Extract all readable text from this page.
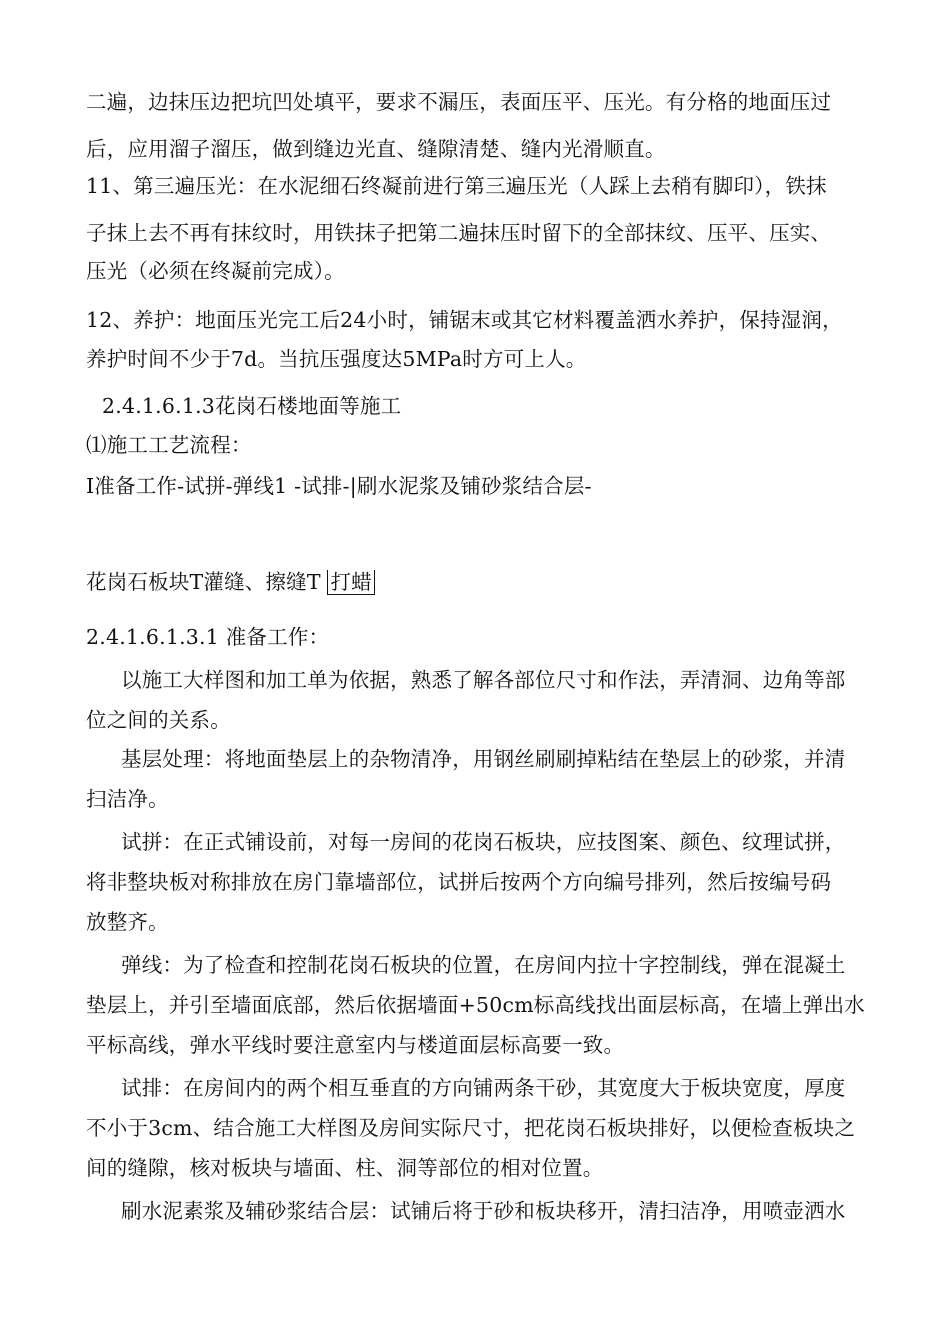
二遍，边抹压边把坑凹处填平，要求不漏压，表面压平、压光。有分格的地面压过
后，应用溜子溜压，做到缝边光直、缝隙清楚、缝内光滑顺直。
11、第三遍压光：在水泥细石终凝前进行第三遍压光（人踩上去稍有脚印），铁抹
子抹上去不再有抹纹时，用铁抹子把第二遍抹压时留下的全部抹纹、压平、压实、
压光（必须在终凝前完成）。
12、养护：地面压光完工后24小时，铺锯末或其它材料覆盖洒水养护，保持湿润，
养护时间不少于7d。当抗压强度达5MPa时方可上人。
2.4.1.6.1.3花岗石楼地面等施工
⑴施工工艺流程：
I准备工作-试拼-弹线1 -试排-|刷水泥浆及铺砂浆结合层-
花岗石板块T灌缝、擦缝T 打蜡
2.4.1.6.1.3.1 准备工作：
以施工大样图和加工单为依据，熟悉了解各部位尺寸和作法，弄清洞、边角等部
位之间的关系。
基层处理：将地面垫层上的杂物清净，用钢丝刷刷掉粘结在垫层上的砂浆，并清
扫洁净。
试拼：在正式铺设前，对每一房间的花岗石板块，应技图案、颜色、纹理试拼，
将非整块板对称排放在房门靠墙部位，试拼后按两个方向编号排列，然后按编号码
放整齐。
弹线：为了检查和控制花岗石板块的位置，在房间内拉十字控制线，弹在混凝土
垫层上，并引至墙面底部，然后依据墙面+50cm标高线找出面层标高，在墙上弹出水
平标高线，弹水平线时要注意室内与楼道面层标高要一致。
试排：在房间内的两个相互垂直的方向铺两条干砂，其宽度大于板块宽度，厚度
不小于3cm、结合施工大样图及房间实际尺寸，把花岗石板块排好，以便检查板块之
间的缝隙，核对板块与墙面、柱、洞等部位的相对位置。
刷水泥素浆及辅砂浆结合层：试铺后将于砂和板块移开，清扫洁净，用喷壶洒水
